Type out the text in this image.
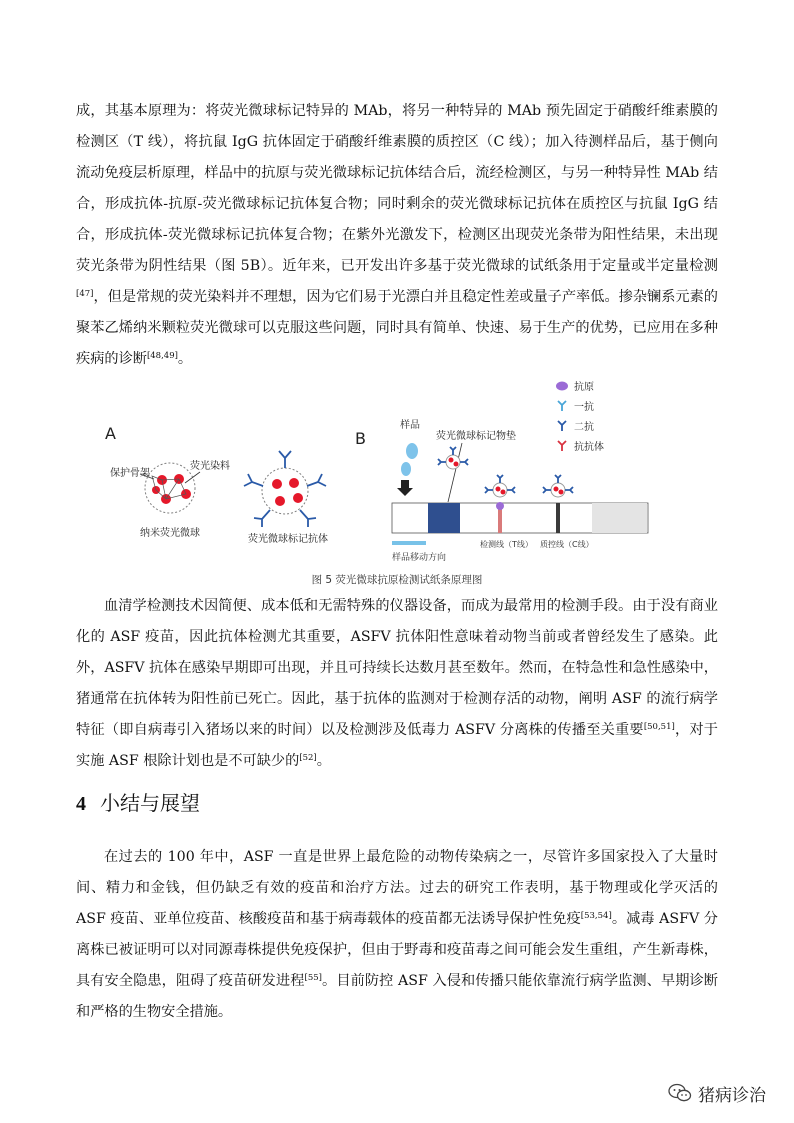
成，其基本原理为：将荧光微球标记特异的 MAb，将另一种特异的 MAb 预先固定于硝酸纤维素膜的检测区（T 线），将抗鼠 IgG 抗体固定于硝酸纤维素膜的质控区（C 线）；加入待测样品后，基于侧向流动免疫层析原理，样品中的抗原与荧光微球标记抗体结合后，流经检测区，与另一种特异性 MAb 结合，形成抗体-抗原-荧光微球标记抗体复合物；同时剩余的荧光微球标记抗体在质控区与抗鼠 IgG 结合，形成抗体-荧光微球标记抗体复合物；在紫外光激发下，检测区出现荧光条带为阳性结果，未出现荧光条带为阴性结果（图 5B）。近年来，已开发出许多基于荧光微球的试纸条用于定量或半定量检测[47]，但是常规的荧光染料并不理想，因为它们易于光漂白并且稳定性差或量子产率低。掺杂镧系元素的聚苯乙烯纳米颗粒荧光微球可以克服这些问题，同时具有简单、快速、易于生产的优势，已应用在多种疾病的诊断[48,49]。

A
保护骨架
荧光染料
纳米荧光微球
荧光微球标记抗体
B
样品
荧光微球标记物垫
检测线（T线） 质控线（C线）
样品移动方向
抗原
一抗
二抗
抗抗体

图 5 荧光微球抗原检测试纸条原理图

血清学检测技术因简便、成本低和无需特殊的仪器设备，而成为最常用的检测手段。由于没有商业化的 ASF 疫苗，因此抗体检测尤其重要，ASFV 抗体阳性意味着动物当前或者曾经发生了感染。此外，ASFV 抗体在感染早期即可出现，并且可持续长达数月甚至数年。然而，在特急性和急性感染中，猪通常在抗体转为阳性前已死亡。因此，基于抗体的监测对于检测存活的动物，阐明 ASF 的流行病学特征（即自病毒引入猪场以来的时间）以及检测涉及低毒力 ASFV 分离株的传播至关重要[50,51]，对于实施 ASF 根除计划也是不可缺少的[52]。

4 小结与展望

在过去的 100 年中，ASF 一直是世界上最危险的动物传染病之一，尽管许多国家投入了大量时间、精力和金钱，但仍缺乏有效的疫苗和治疗方法。过去的研究工作表明，基于物理或化学灭活的 ASF 疫苗、亚单位疫苗、核酸疫苗和基于病毒载体的疫苗都无法诱导保护性免疫[53,54]。减毒 ASFV 分离株已被证明可以对同源毒株提供免疫保护，但由于野毒和疫苗毒之间可能会发生重组，产生新毒株，具有安全隐患，阻碍了疫苗研发进程[55]。目前防控 ASF 入侵和传播只能依靠流行病学监测、早期诊断和严格的生物安全措施。

猪病诊治
